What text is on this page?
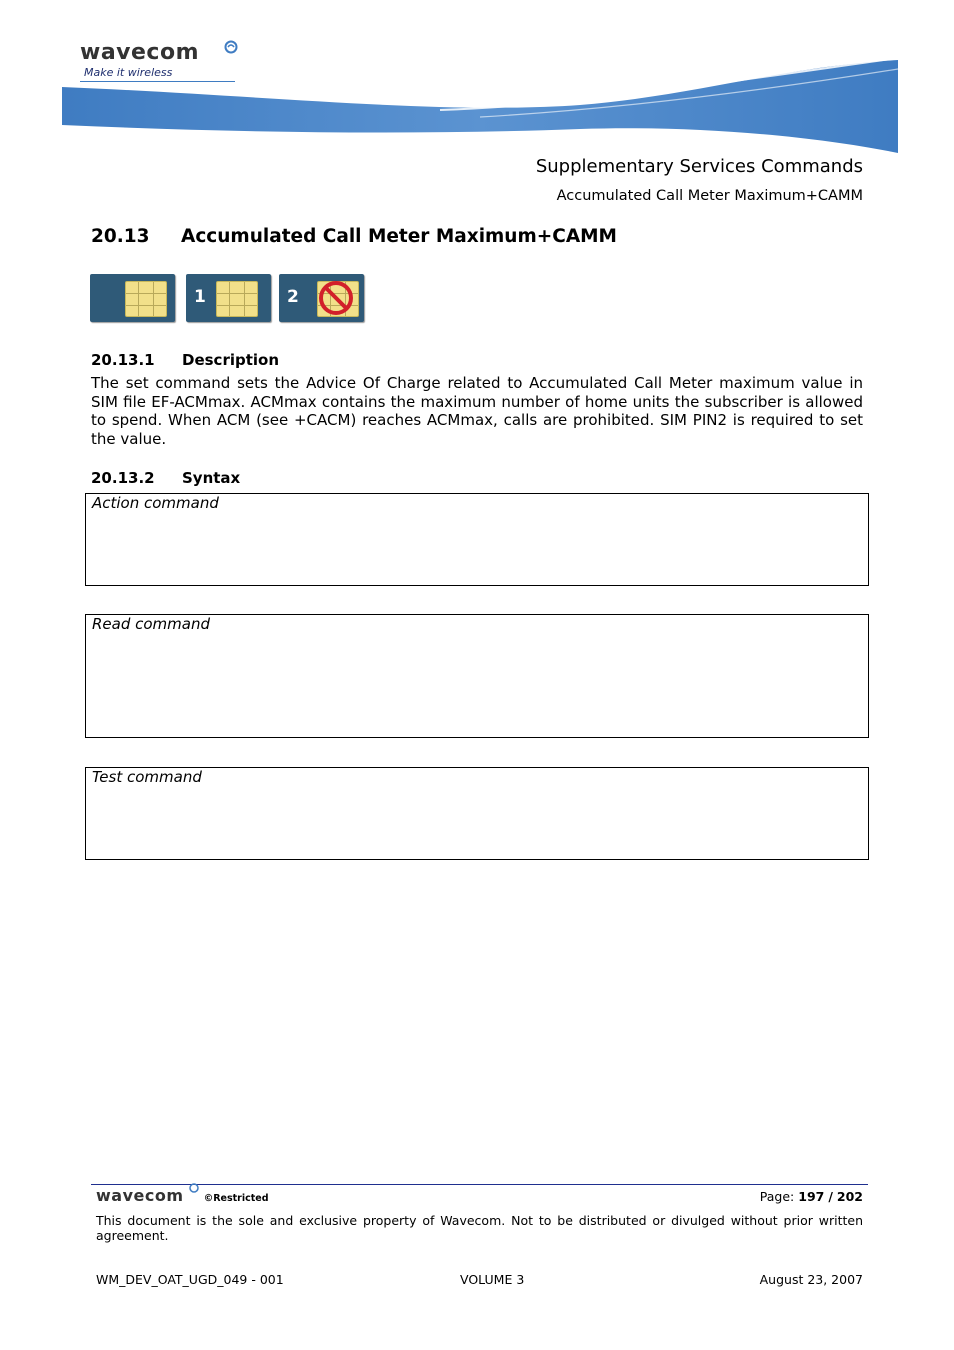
wavecom
Make it wireless
Supplementary Services Commands
Accumulated Call Meter Maximum+CAMM
20.13 Accumulated Call Meter Maximum+CAMM
1	2
20.13.1 Description
The set command sets the Advice Of Charge related to Accumulated Call Meter maximum value in SIM file EF-ACMmax. ACMmax contains the maximum number of home units the subscriber is allowed to spend. When ACM (see +CACM) reaches ACMmax, calls are prohibited. SIM PIN2 is required to set the value.
20.13.2 Syntax
Action command
Read command
Test command
wavecom ©Restricted	Page: 197 / 202
This document is the sole and exclusive property of Wavecom. Not to be distributed or divulged without prior written agreement.
WM_DEV_OAT_UGD_049 - 001	VOLUME 3	August 23, 2007
